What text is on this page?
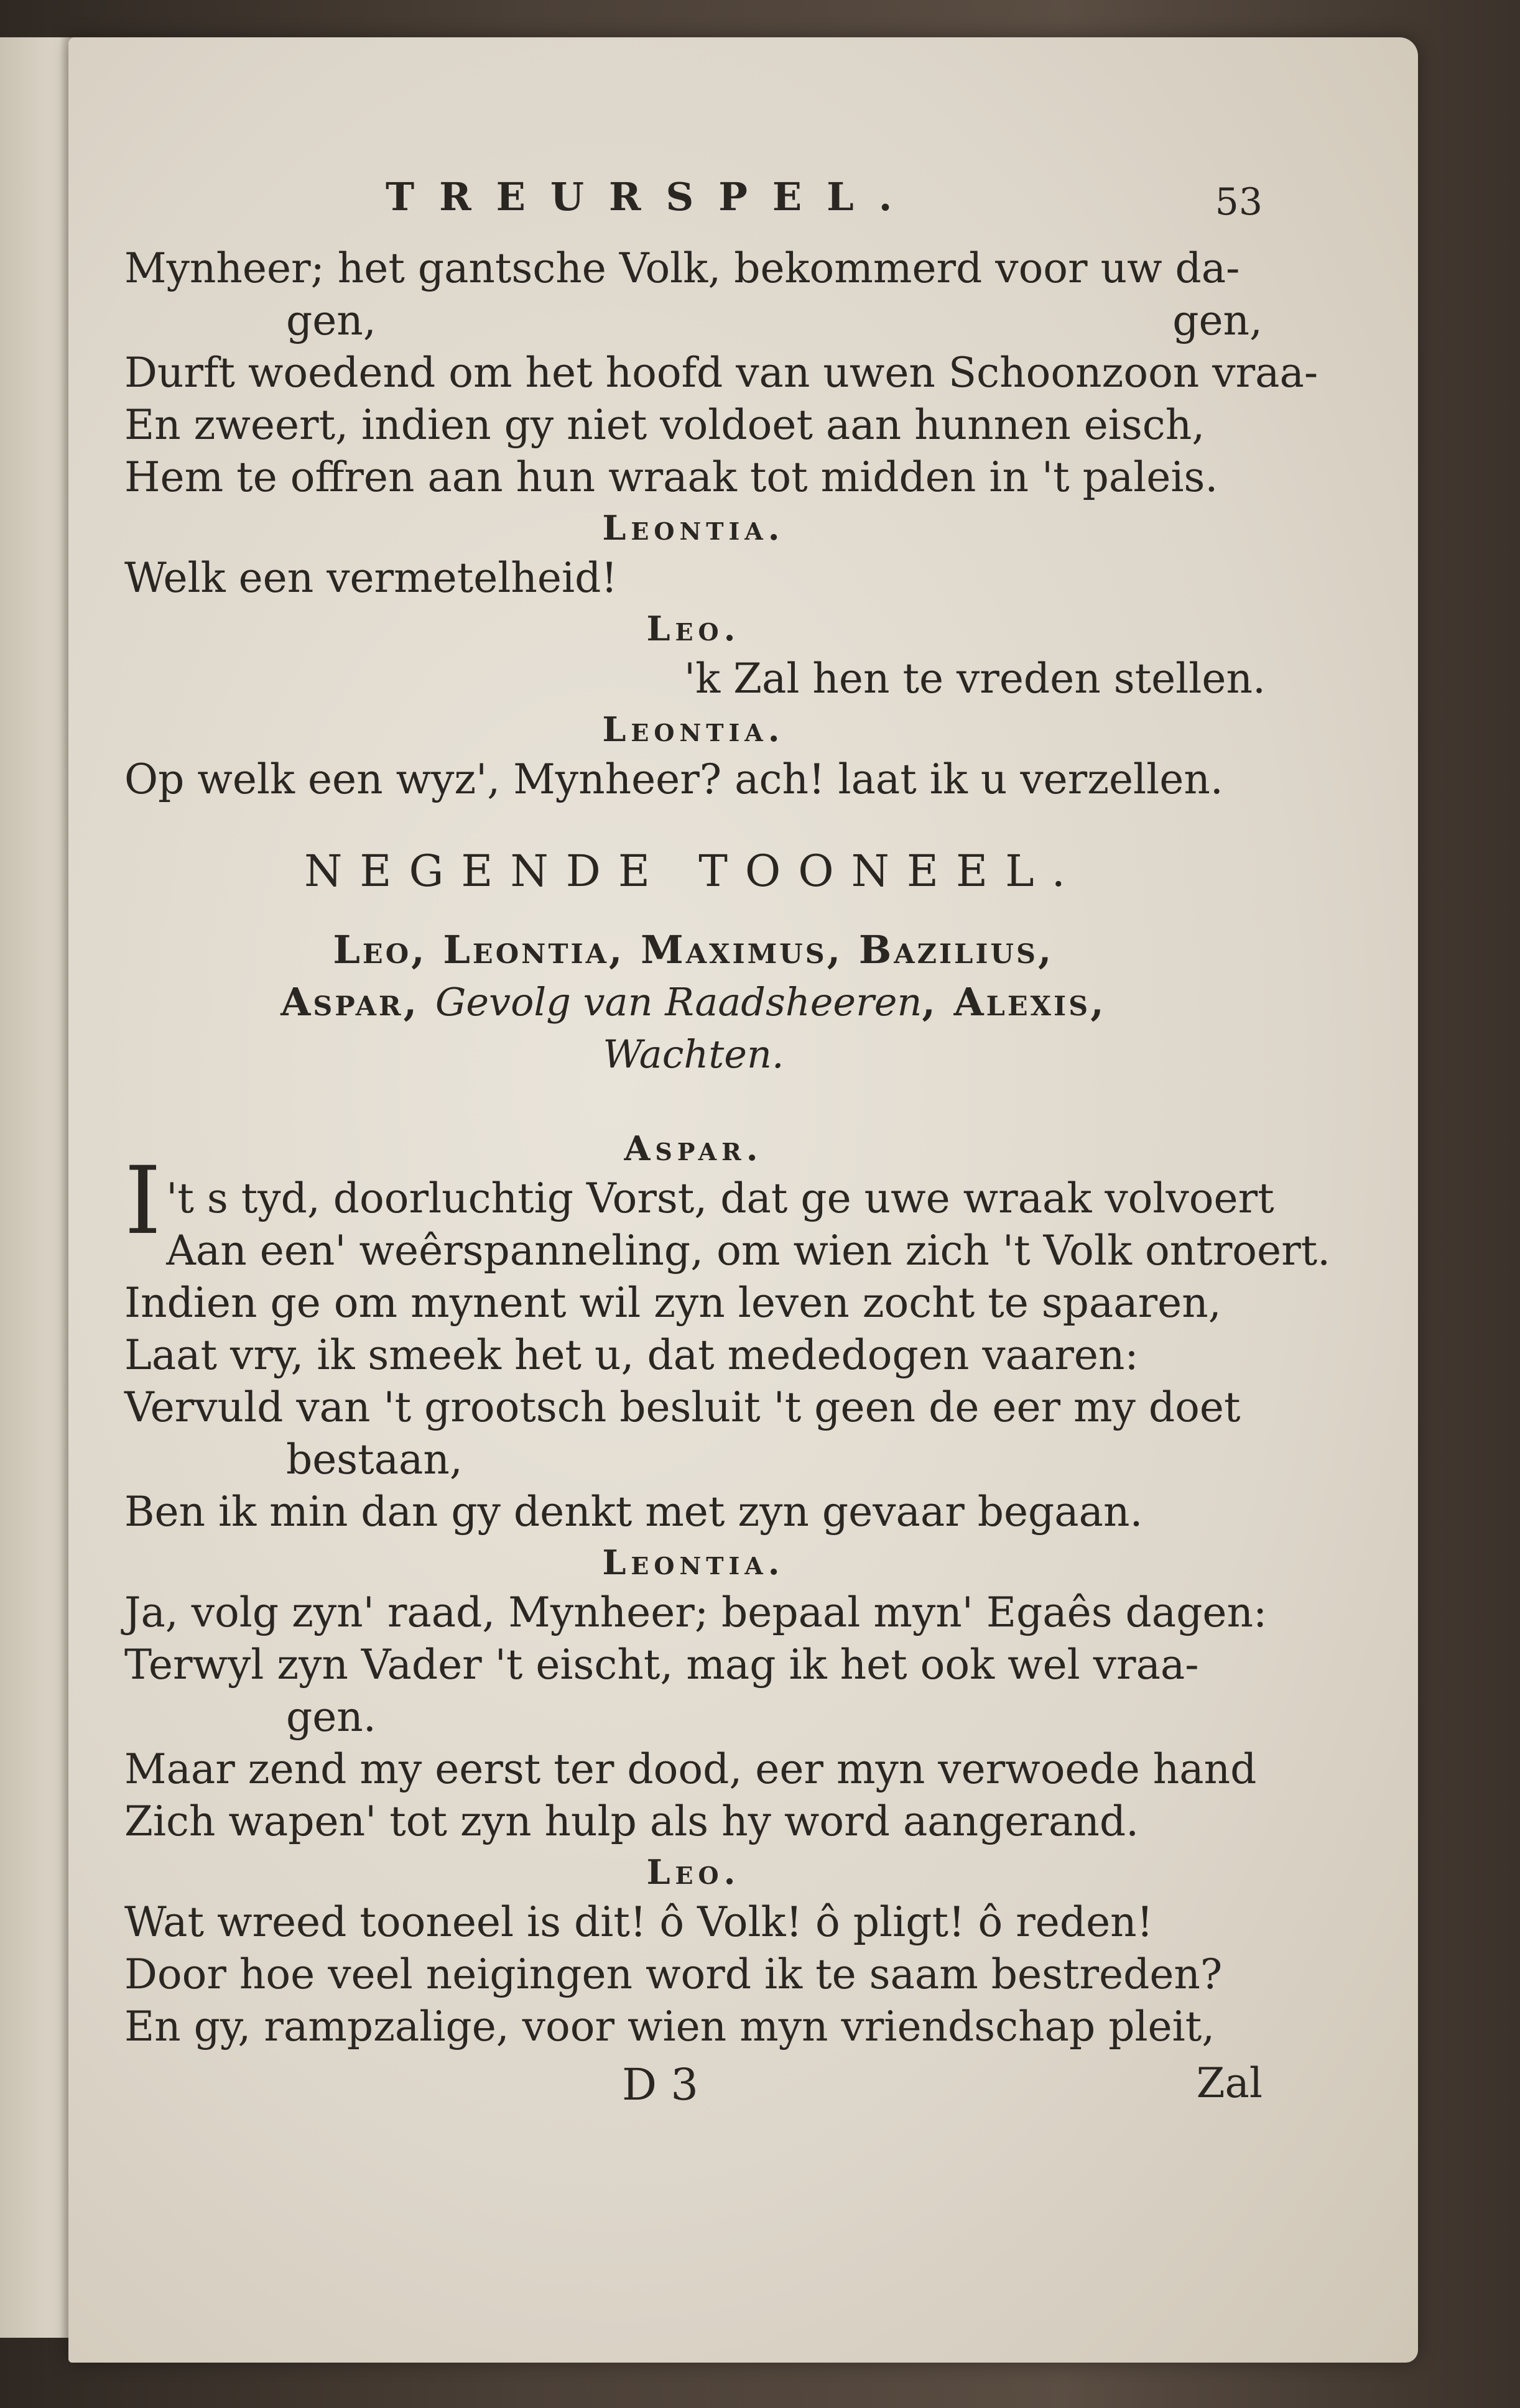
TREURSPEL.	53
Mynheer; het gantsche Volk, bekommerd voor uw da-
gen,	gen,
Durft woedend om het hoofd van uwen Schoonzoon vraa-
En zweert, indien gy niet voldoet aan hunnen eisch,
Hem te offren aan hun wraak tot midden in 't paleis.
Leontia.
Welk een vermetelheid!
Leo.
'k Zal hen te vreden stellen.
Leontia.
Op welk een wyz', Mynheer? ach! laat ik u verzellen.
NEGENDE TOONEEL.
Leo, Leontia, Maximus, Bazilius,
Aspar, Gevolg van Raadsheeren, Alexis,
Wachten.
Aspar.
I 't s tyd, doorluchtig Vorst, dat ge uwe wraak volvoert
Aan een' weêrspanneling, om wien zich 't Volk ontroert.
Indien ge om mynent wil zyn leven zocht te spaaren,
Laat vry, ik smeek het u, dat mededogen vaaren:
Vervuld van 't grootsch besluit 't geen de eer my doet
bestaan,
Ben ik min dan gy denkt met zyn gevaar begaan.
Leontia.
Ja, volg zyn' raad, Mynheer; bepaal myn' Egaês dagen:
Terwyl zyn Vader 't eischt, mag ik het ook wel vraa-
gen.
Maar zend my eerst ter dood, eer myn verwoede hand
Zich wapen' tot zyn hulp als hy word aangerand.
Leo.
Wat wreed tooneel is dit! ô Volk! ô pligt! ô reden!
Door hoe veel neigingen word ik te saam bestreden?
En gy, rampzalige, voor wien myn vriendschap pleit,
D 3	Zal
